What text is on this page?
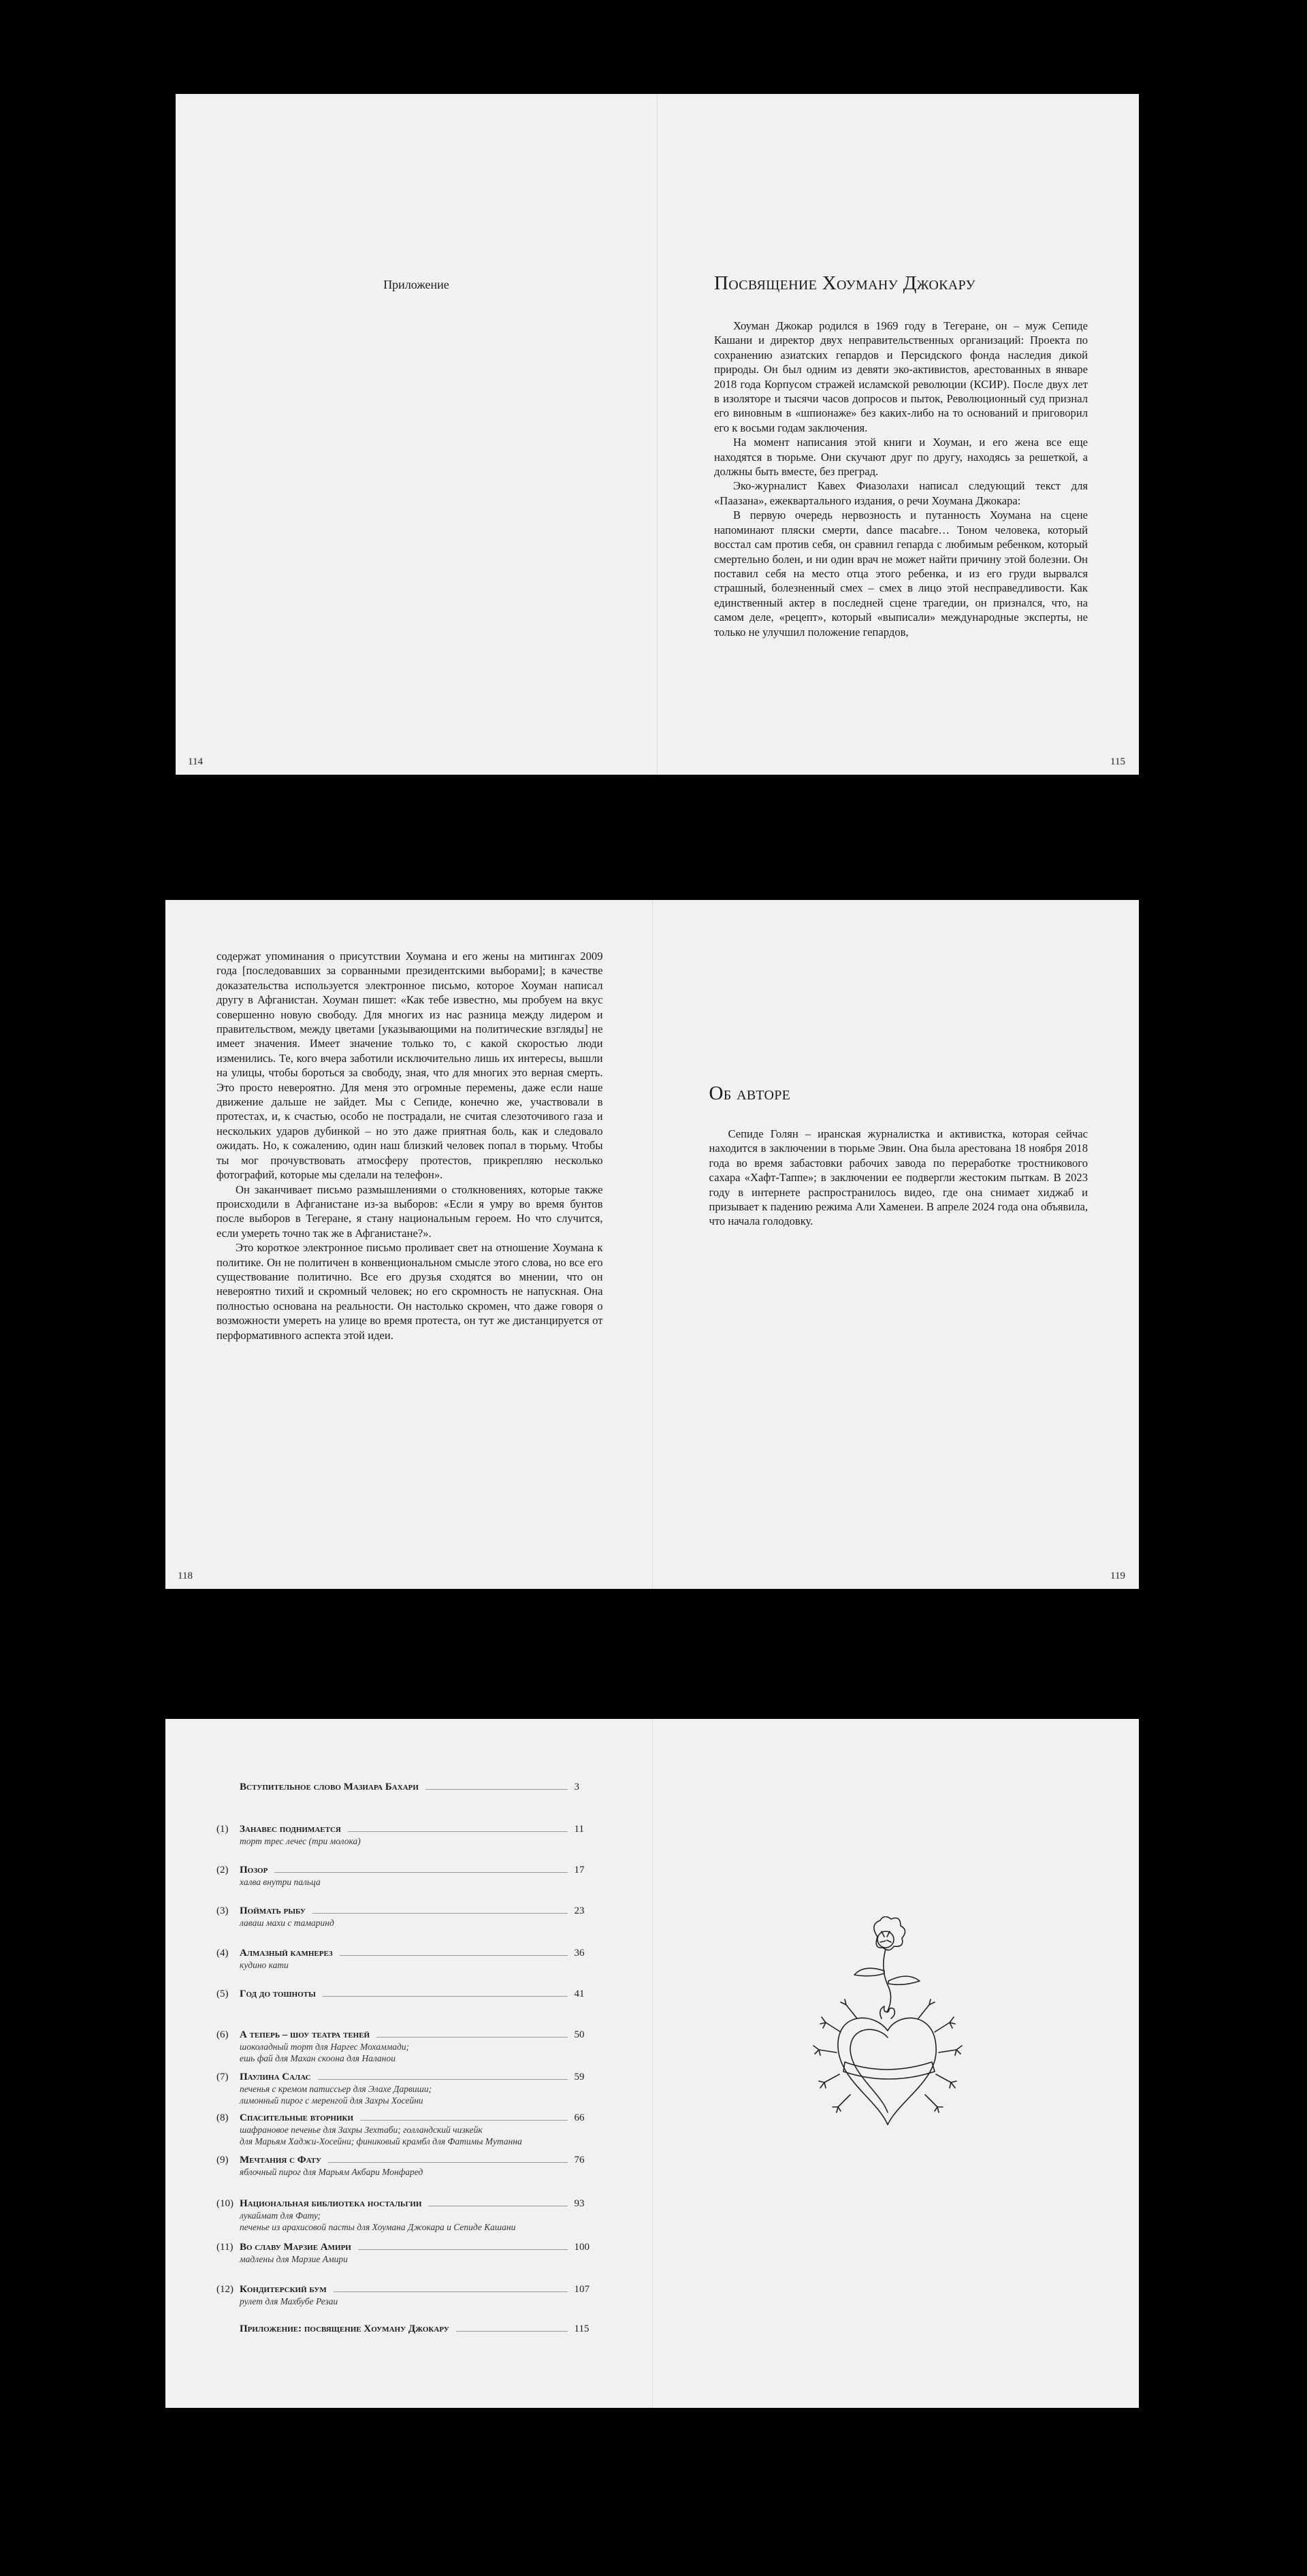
Приложение
114
Посвящение Хоуману Джокару

Хоуман Джокар родился в 1969 году в Тегеране, он – муж Сепиде Кашани и директор двух неправительственных организаций: Проекта по сохранению азиатских гепардов и Персидского фонда наследия дикой природы. Он был одним из девяти эко-активистов, арестованных в январе 2018 года Корпусом стражей исламской революции (КСИР). После двух лет в изоляторе и тысячи часов допросов и пыток, Революционный суд признал его виновным в «шпионаже» без каких-либо на то оснований и приговорил его к восьми годам заключения.

На момент написания этой книги и Хоуман, и его жена все еще находятся в тюрьме. Они скучают друг по другу, находясь за решеткой, а должны быть вместе, без преград.

Эко-журналист Кавех Фиазолахи написал следующий текст для «Паазана», ежеквартального издания, о речи Хоумана Джокара:

В первую очередь нервозность и путанность Хоумана на сцене напоминают пляски смерти, dance macabre… Тоном человека, который восстал сам против себя, он сравнил гепарда с любимым ребенком, который смертельно болен, и ни один врач не может найти причину этой болезни. Он поставил себя на место отца этого ребенка, и из его груди вырвался страшный, болезненный смех – смех в лицо этой несправедливости. Как единственный актер в последней сцене трагедии, он признался, что, на самом деле, «рецепт», который «выписали» международные эксперты, не только не улучшил положение гепардов,

115

содержат упоминания о присутствии Хоумана и его жены на митингах 2009 года [последовавших за сорванными президентскими выборами]; в качестве доказательства используется электронное письмо, которое Хоуман написал другу в Афганистан. Хоуман пишет: «Как тебе известно, мы пробуем на вкус совершенно новую свободу. Для многих из нас разница между лидером и правительством, между цветами [указывающими на политические взгляды] не имеет значения. Имеет значение только то, с какой скоростью люди изменились. Те, кого вчера заботили исключительно лишь их интересы, вышли на улицы, чтобы бороться за свободу, зная, что для многих это верная смерть. Это просто невероятно. Для меня это огромные перемены, даже если наше движение дальше не зайдет. Мы с Сепиде, конечно же, участвовали в протестах, и, к счастью, особо не пострадали, не считая слезоточивого газа и нескольких ударов дубинкой – но это даже приятная боль, как и следовало ожидать. Но, к сожалению, один наш близкий человек попал в тюрьму. Чтобы ты мог прочувствовать атмосферу протестов, прикрепляю несколько фотографий, которые мы сделали на телефон».

Он заканчивает письмо размышлениями о столкновениях, которые также происходили в Афганистане из-за выборов: «Если я умру во время бунтов после выборов в Тегеране, я стану национальным героем. Но что случится, если умереть точно так же в Афганистане?».

Это короткое электронное письмо проливает свет на отношение Хоумана к политике. Он не политичен в конвенциональном смысле этого слова, но все его существование политично. Все его друзья сходятся во мнении, что он невероятно тихий и скромный человек; но его скромность не напускная. Она полностью основана на реальности. Он настолько скромен, что даже говоря о возможности умереть на улице во время протеста, он тут же дистанцируется от перформативного аспекта этой идеи.

118
Об авторе

Сепиде Голян – иранская журналистка и активистка, которая сейчас находится в заключении в тюрьме Эвин. Она была арестована 18 ноября 2018 года во время забастовки рабочих завода по переработке тростникового сахара «Хафт-Таппе»; в заключении ее подвергли жестоким пыткам. В 2023 году в интернете распространилось видео, где она снимает хиджаб и призывает к падению режима Али Хаменеи. В апреле 2024 года она объявила, что начала голодовку.

119
Вступительное слово Мазиара Бахари	3
(1)	Занавес поднимается	11
торт трес лечес (три молока)
(2)	Позор	17
халва внутри пальца
(3)	Поймать рыбу	23
лаваш махи с тамаринд
(4)	Алмазный камнерез	36
кудино кати
(5)	Год до тошноты	41
(6)	А теперь – шоу театра теней	50
шоколадный торт для Наргес Мохаммади;
ешь фай для Махан скоона для Наланои
(7)	Паулина Салас	59
печенья с кремом патиссьер для Элахе Дарвиши;
лимонный пирог с меренгой для Захры Хосейни
(8)	Спасительные вторники	66
шафрановое печенье для Захры Зехтаби; голландский чизкейк
для Марьям Хаджи-Хосейни; финиковый крамбл для Фатимы Мутанна
(9)	Мечтания с Фату	76
яблочный пирог для Марьям Акбари Монфаред
(10) Национальная библиотека ностальгии	93
лукаймат для Фату;
печенье из арахисовой пасты для Хоумана Джокара и Сепиде Кашани
(11) Во славу Марзие Амири	100
мадлены для Марзие Амири
(12) Кондитерский бум	107
рулет для Махбубе Резаи
Приложение: посвящение Хоуману Джокару	115
